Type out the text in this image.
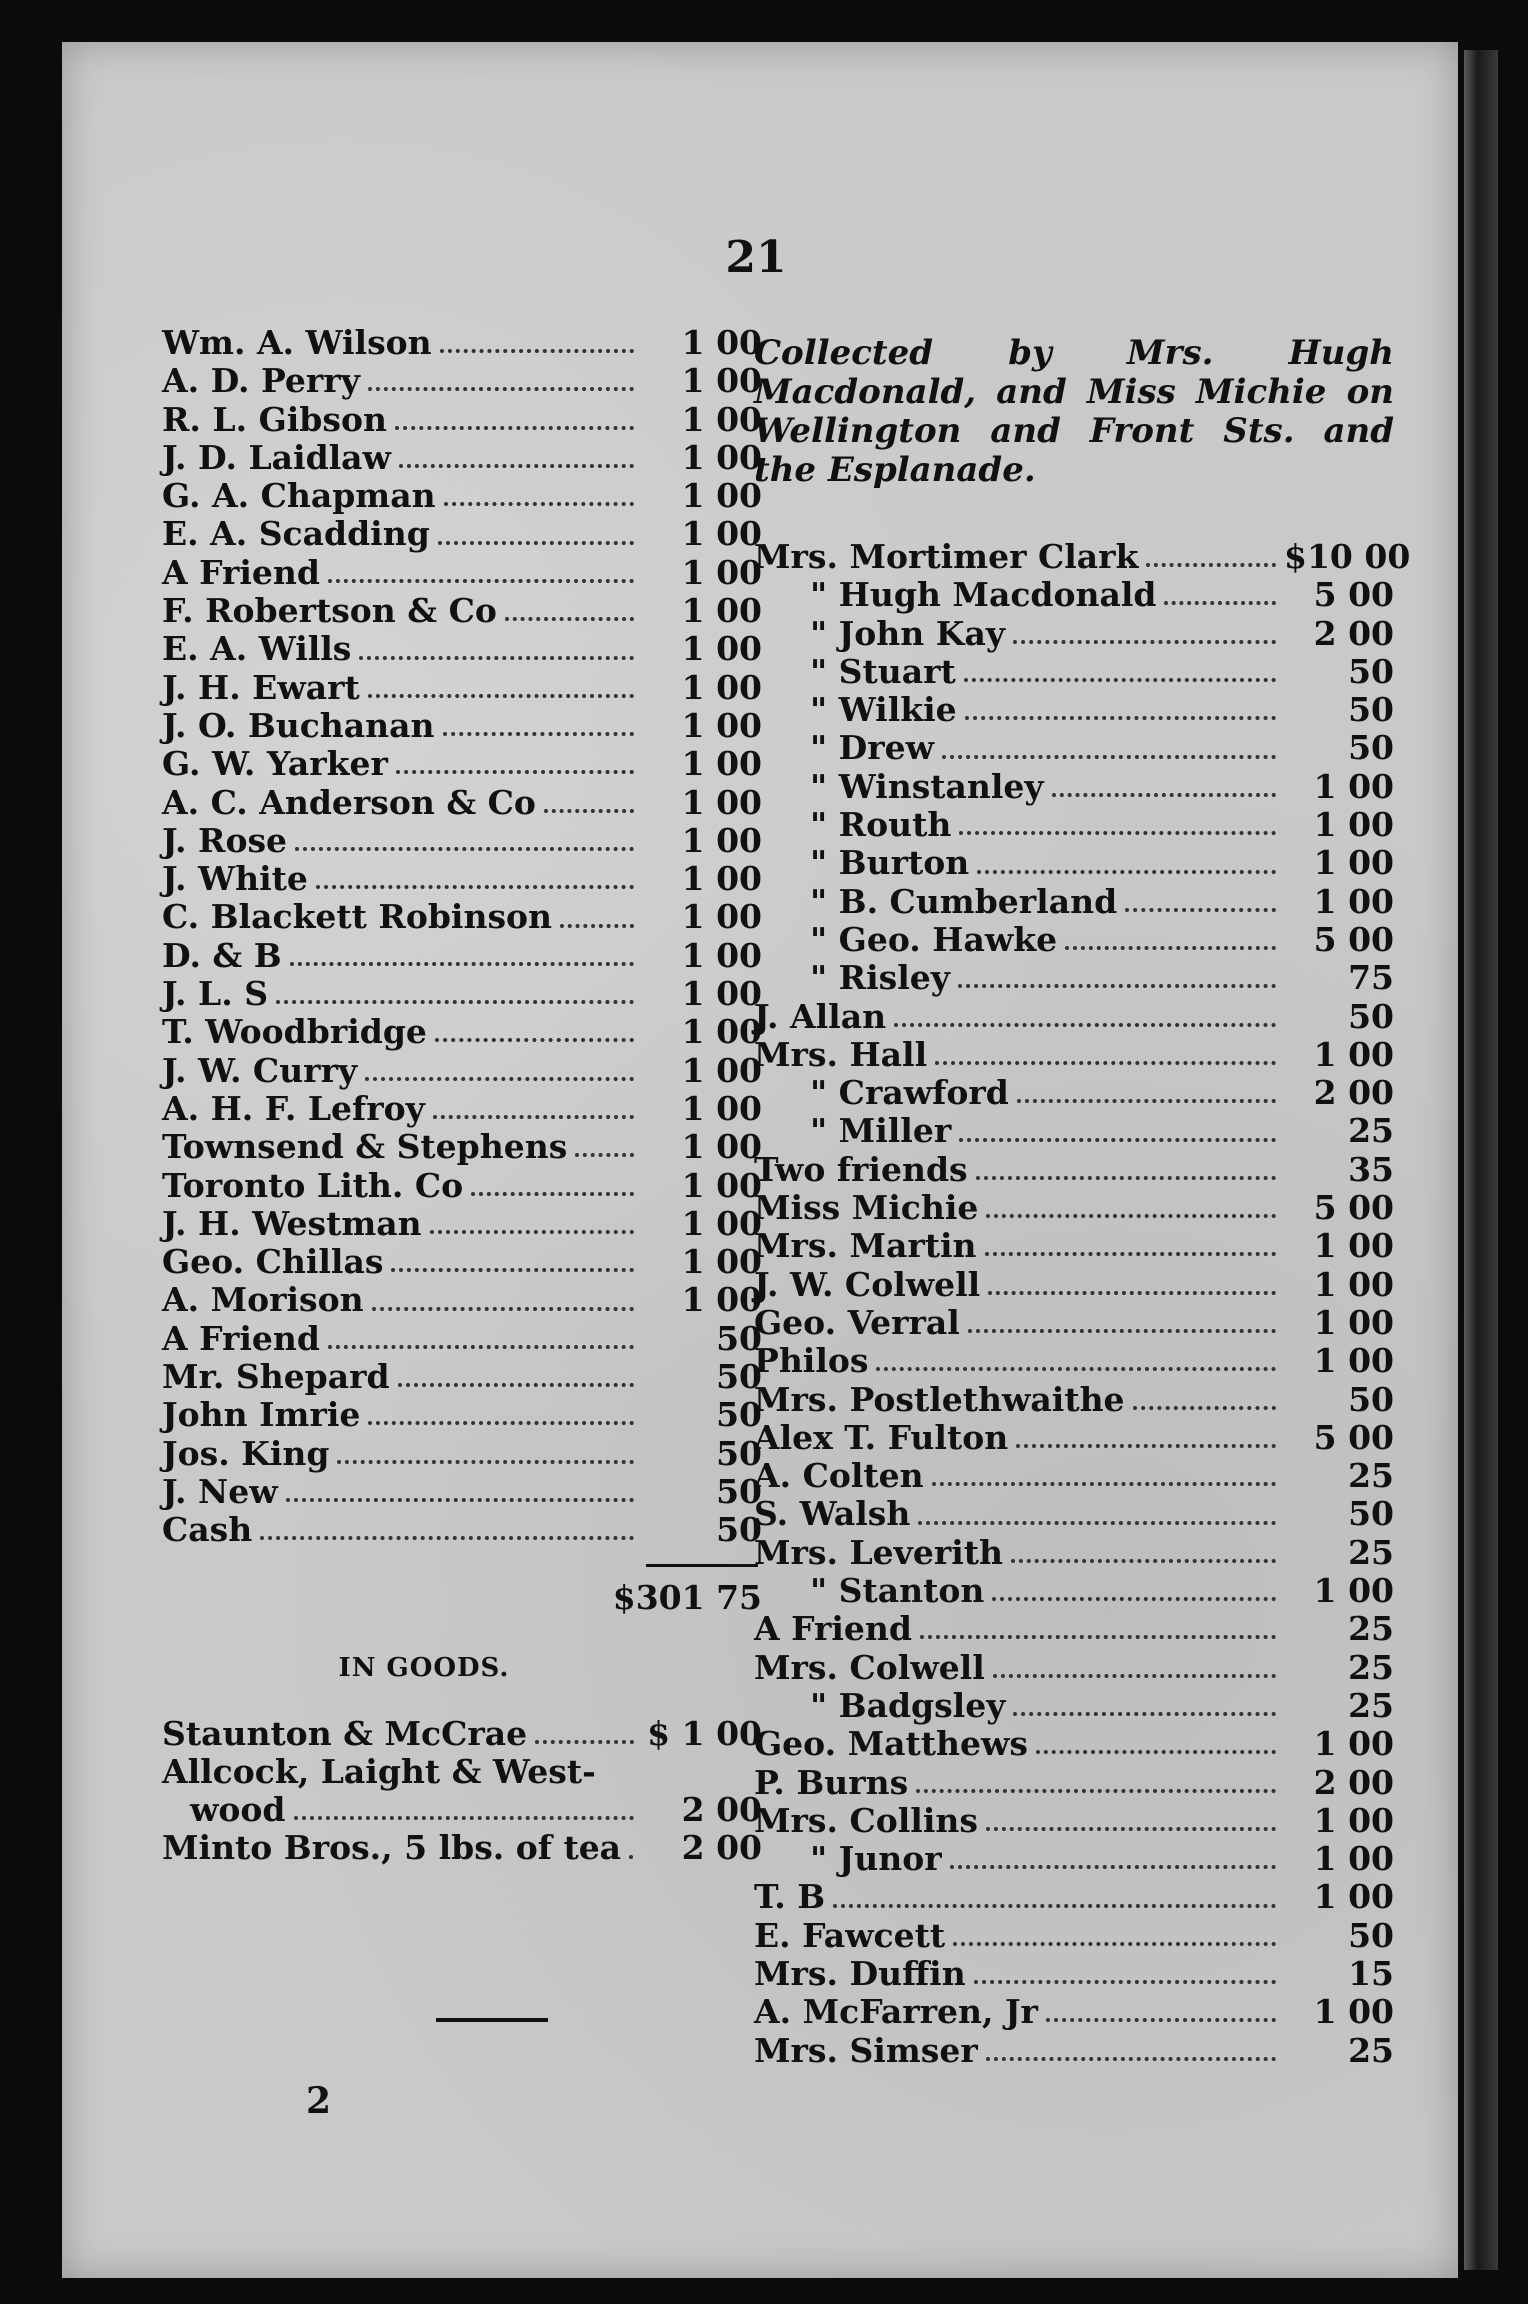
21
Wm. A. Wilson	1 00
A. D. Perry	1 00
R. L. Gibson	1 00
J. D. Laidlaw	1 00
G. A. Chapman	1 00
E. A. Scadding	1 00
A Friend	1 00
F. Robertson & Co	1 00
E. A. Wills	1 00
J. H. Ewart	1 00
J. O. Buchanan	1 00
G. W. Yarker	1 00
A. C. Anderson & Co	1 00
J. Rose	1 00
J. White	1 00
C. Blackett Robinson	1 00
D. & B	1 00
J. L. S	1 00
T. Woodbridge	1 00
J. W. Curry	1 00
A. H. F. Lefroy	1 00
Townsend & Stephens	1 00
Toronto Lith. Co	1 00
J. H. Westman	1 00
Geo. Chillas	1 00
A. Morison	1 00
A Friend	50
Mr. Shepard	50
John Imrie	50
Jos. King	50
J. New	50
Cash	50
$301 75
IN GOODS.
Staunton & McCrae	$ 1 00
Allcock, Laight & West-
wood	2 00
Minto Bros., 5 lbs. of tea	2 00
Collected by Mrs. Hugh Macdonald, and Miss Michie on Wellington and Front Sts. and the Esplanade.
Mrs. Mortimer Clark	$10 00
" Hugh Macdonald	5 00
" John Kay	2 00
" Stuart	50
" Wilkie	50
" Drew	50
" Winstanley	1 00
" Routh	1 00
" Burton	1 00
" B. Cumberland	1 00
" Geo. Hawke	5 00
" Risley	75
J. Allan	50
Mrs. Hall	1 00
" Crawford	2 00
" Miller	25
Two friends	35
Miss Michie	5 00
Mrs. Martin	1 00
J. W. Colwell	1 00
Geo. Verral	1 00
Philos	1 00
Mrs. Postlethwaithe	50
Alex T. Fulton	5 00
A. Colten	25
S. Walsh	50
Mrs. Leverith	25
" Stanton	1 00
A Friend	25
Mrs. Colwell	25
" Badgsley	25
Geo. Matthews	1 00
P. Burns	2 00
Mrs. Collins	1 00
" Junor	1 00
T. B	1 00
E. Fawcett	50
Mrs. Duffin	15
A. McFarren, Jr	1 00
Mrs. Simser	25
2
